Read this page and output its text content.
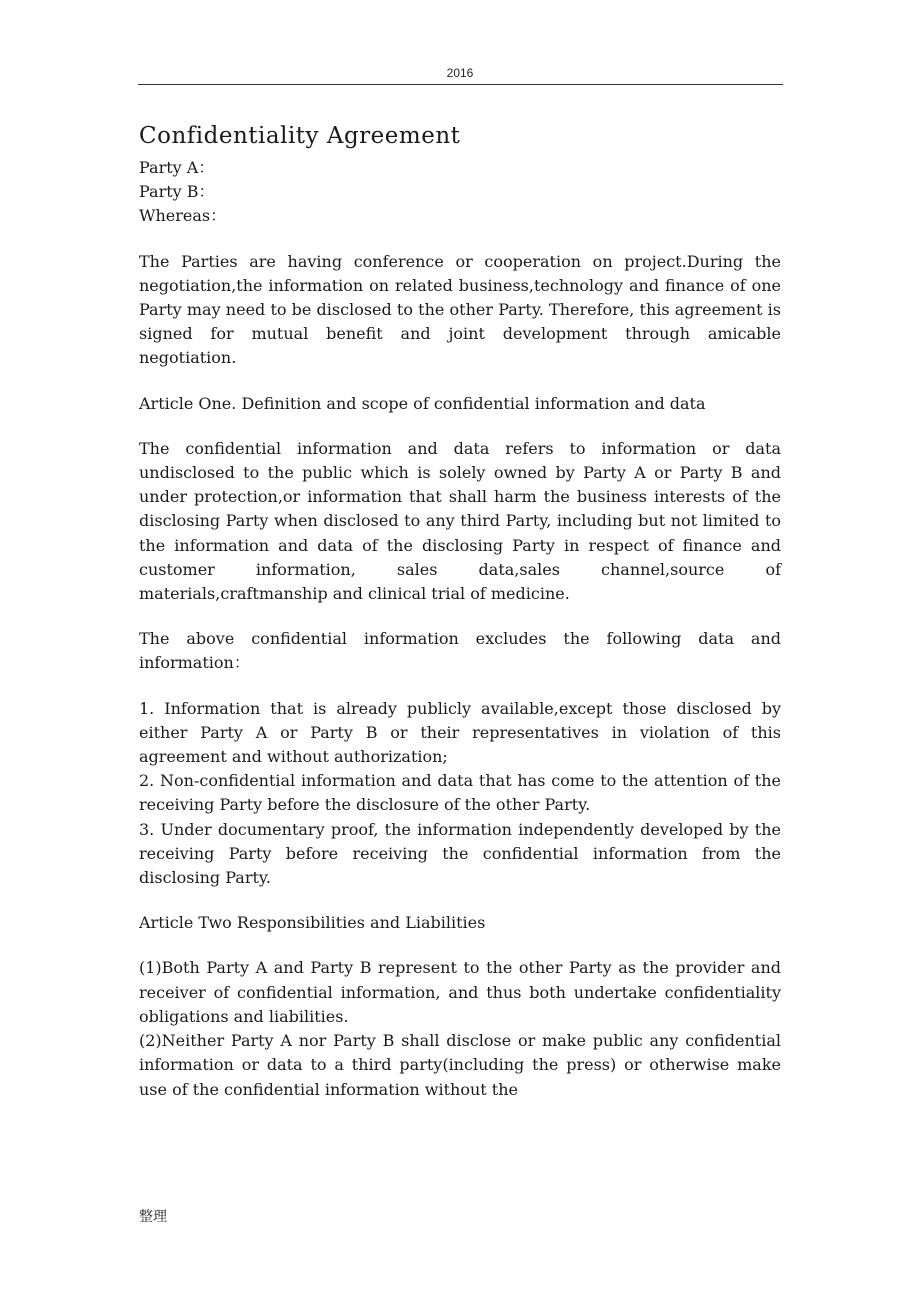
2016
Confidentiality Agreement

Party A：

Party B：

Whereas：

The Parties are having conference or cooperation on project.During the negotiation,the information on related business,technology and finance of one Party may need to be disclosed to the other Party. Therefore, this agreement is signed for mutual benefit and joint development through amicable negotiation.

Article One. Definition and scope of confidential information and data

The confidential information and data refers to information or data undisclosed to the public which is solely owned by Party A or Party B and under protection,or information that shall harm the business interests of the disclosing Party when disclosed to any third Party, including but not limited to the information and data of the disclosing Party in respect of finance and customer information, sales data,sales channel,source of materials,craftmanship and clinical trial of medicine.

The above confidential information excludes the following data and information：

1. Information that is already publicly available,except those disclosed by either Party A or Party B or their representatives in violation of this agreement and without authorization;

2. Non-confidential information and data that has come to the attention of the receiving Party before the disclosure of the other Party.

3. Under documentary proof, the information independently developed by the receiving Party before receiving the confidential information from the disclosing Party.

Article Two Responsibilities and Liabilities

(1)Both Party A and Party B represent to the other Party as the provider and receiver of confidential information, and thus both undertake confidentiality obligations and liabilities.

(2)Neither Party A nor Party B shall disclose or make public any confidential information or data to a third party(including the press) or otherwise make use of the confidential information without the

整理
